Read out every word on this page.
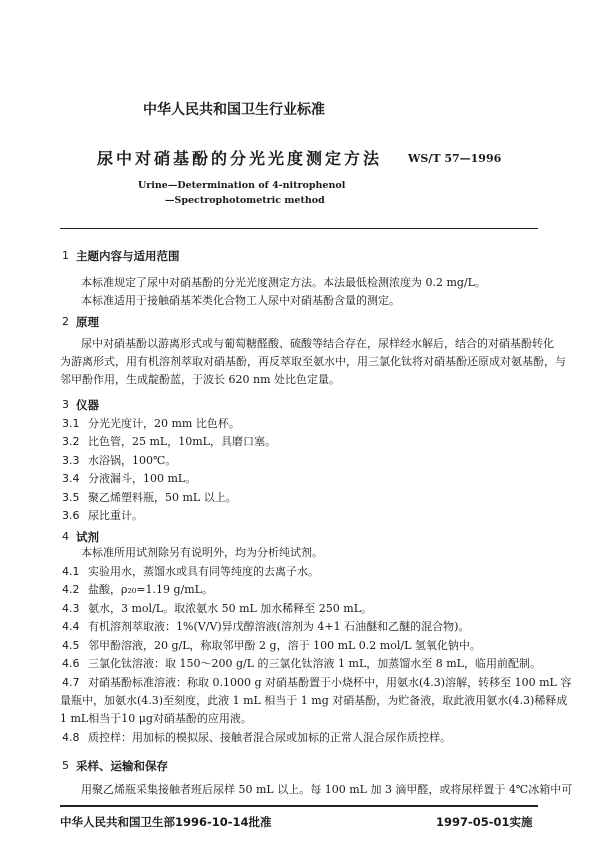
中华人民共和国卫生行业标准
尿中对硝基酚的分光光度测定方法 WS/T 57—1996
Urine—Determination of 4-nitrophenol
—Spectrophotometric method
1 主题内容与适用范围
本标准规定了尿中对硝基酚的分光光度测定方法。本法最低检测浓度为 0.2 mg/L。
本标准适用于接触硝基苯类化合物工人尿中对硝基酚含量的测定。
2 原理
尿中对硝基酚以游离形式或与葡萄糖醛酸、硫酸等结合存在，尿样经水解后，结合的对硝基酚转化
为游离形式，用有机溶剂萃取对硝基酚，再反萃取至氨水中，用三氯化钛将对硝基酚还原成对氨基酚，与
邻甲酚作用，生成靛酚蓝，于波长 620 nm 处比色定量。
3 仪器
3.1 分光光度计，20 mm 比色杯。
3.2 比色管，25 mL，10mL，具磨口塞。
3.3 水浴锅，100℃。
3.4 分液漏斗，100 mL。
3.5 聚乙烯塑料瓶，50 mL 以上。
3.6 尿比重计。
4 试剂
本标准所用试剂除另有说明外，均为分析纯试剂。
4.1 实验用水，蒸馏水或具有同等纯度的去离子水。
4.2 盐酸，ρ₂₀=1.19 g/mL。
4.3 氨水，3 mol/L。取浓氨水 50 mL 加水稀释至 250 mL。
4.4 有机溶剂萃取液：1%(V/V)异戊醇溶液(溶剂为 4+1 石油醚和乙醚的混合物)。
4.5 邻甲酚溶液，20 g/L，称取邻甲酚 2 g，溶于 100 mL 0.2 mol/L 氢氧化钠中。
4.6 三氯化钛溶液：取 150～200 g/L 的三氯化钛溶液 1 mL，加蒸馏水至 8 mL，临用前配制。
4.7 对硝基酚标准溶液：称取 0.1000 g 对硝基酚置于小烧杯中，用氨水(4.3)溶解，转移至 100 mL 容
量瓶中，加氨水(4.3)至刻度，此液 1 mL 相当于 1 mg 对硝基酚，为贮备液，取此液用氨水(4.3)稀释成
1 mL相当于10 μg对硝基酚的应用液。
4.8 质控样：用加标的模拟尿、接触者混合尿或加标的正常人混合尿作质控样。
5 采样、运输和保存
用聚乙烯瓶采集接触者班后尿样 50 mL 以上。每 100 mL 加 3 滴甲醛，或将尿样置于 4℃冰箱中可
中华人民共和国卫生部1996-10-14批准	1997-05-01实施
